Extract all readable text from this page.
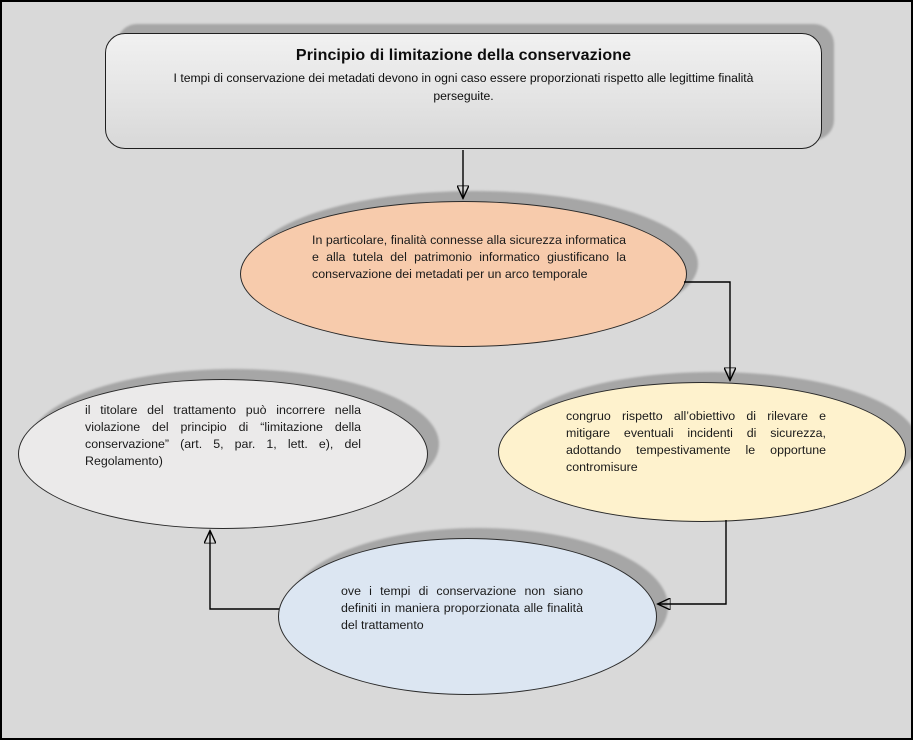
Principio di limitazione della conservazione

I tempi di conservazione dei metadati devono in ogni caso essere proporzionati rispetto alle legittime finalità perseguite.

In particolare, finalità connesse alla sicurezza informatica e alla tutela del patrimonio informatico giustificano la conservazione dei metadati per un arco temporale
congruo rispetto all’obiettivo di rilevare e mitigare eventuali incidenti di sicurezza, adottando tempestivamente le opportune contromisure
ove i tempi di conservazione non siano definiti in maniera proporzionata alle finalità del trattamento
il titolare del trattamento può incorrere nella violazione del principio di “limitazione della conservazione” (art. 5, par. 1, lett. e), del Regolamento)
